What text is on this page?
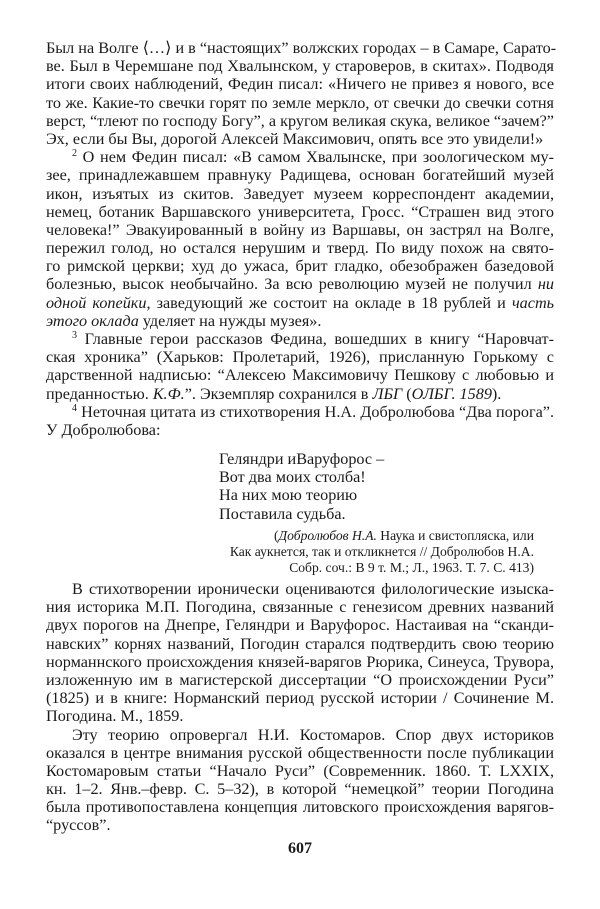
Был на Волге ⟨…⟩ и в “настоящих” волжских городах – в Самаре, Сарато-
ве. Был в Черемшане под Хвалынском, у староверов, в скитах». Подводя
итоги своих наблюдений, Федин писал: «Ничего не привез я нового, все
то же. Какие-то свечки горят по земле меркло, от свечки до свечки сотня
верст, “тлеют по господу Богу”, а кругом великая скука, великое “зачем?”
Эх, если бы Вы, дорогой Алексей Максимович, опять все это увидели!»
$^2$ О нем Федин писал: «В самом Хвалынске, при зоологическом му-
зее, принадлежавшем правнуку Радищева, основан богатейший музей
икон, изъятых из скитов. Заведует музеем корреспондент академии,
немец, ботаник Варшавского университета, Гросс. “Страшен вид этого
человека!” Эвакуированный в войну из Варшавы, он застрял на Волге,
пережил голод, но остался нерушим и тверд. По виду похож на свято-
го римской церкви; худ до ужаса, брит гладко, обезображен базедовой
болезнью, высок необычайно. За всю революцию музей не получил ни
одной копейки, заведующий же состоит на окладе в 18 рублей и часть
этого оклада уделяет на нужды музея».
$^3$ Главные герои рассказов Федина, вошедших в книгу “Наровчат-
ская хроника” (Харьков: Пролетарий, 1926), присланную Горькому с
дарственной надписью: “Алексею Максимовичу Пешкову с любовью и
преданностью. К.Ф.”. Экземпляр сохранился в ЛБГ (ОЛБГ. 1589).
$^4$ Неточная цитата из стихотворения Н.А. Добролюбова “Два порога”.
У Добролюбова:
Геляндри иВаруфорос –
Вот два моих столба!
На них мою теорию
Поставила судьба.
(Добролюбов Н.А. Наука и свистопляска, или
Как аукнется, так и откликнется // Добролюбов Н.А.
Собр. соч.: В 9 т. М.; Л., 1963. Т. 7. С. 413)
В стихотворении иронически оцениваются филологические изыска-
ния историка М.П. Погодина, связанные с генезисом древних названий
двух порогов на Днепре, Геляндри и Варуфорос. Настаивая на “сканди-
навских” корнях названий, Погодин старался подтвердить свою теорию
норманнского происхождения князей-варягов Рюрика, Синеуса, Трувора,
изложенную им в магистерской диссертации “О происхождении Руси”
(1825) и в книге: Норманский период русской истории / Сочинение М.
Погодина. М., 1859.
Эту теорию опровергал Н.И. Костомаров. Спор двух историков
оказался в центре внимания русской общественности после публикации
Костомаровым статьи “Начало Руси” (Современник. 1860. Т. LXXIX,
кн. 1–2. Янв.–февр. С. 5–32), в которой “немецкой” теории Погодина
была противопоставлена концепция литовского происхождения варягов-
“руссов”.
607
